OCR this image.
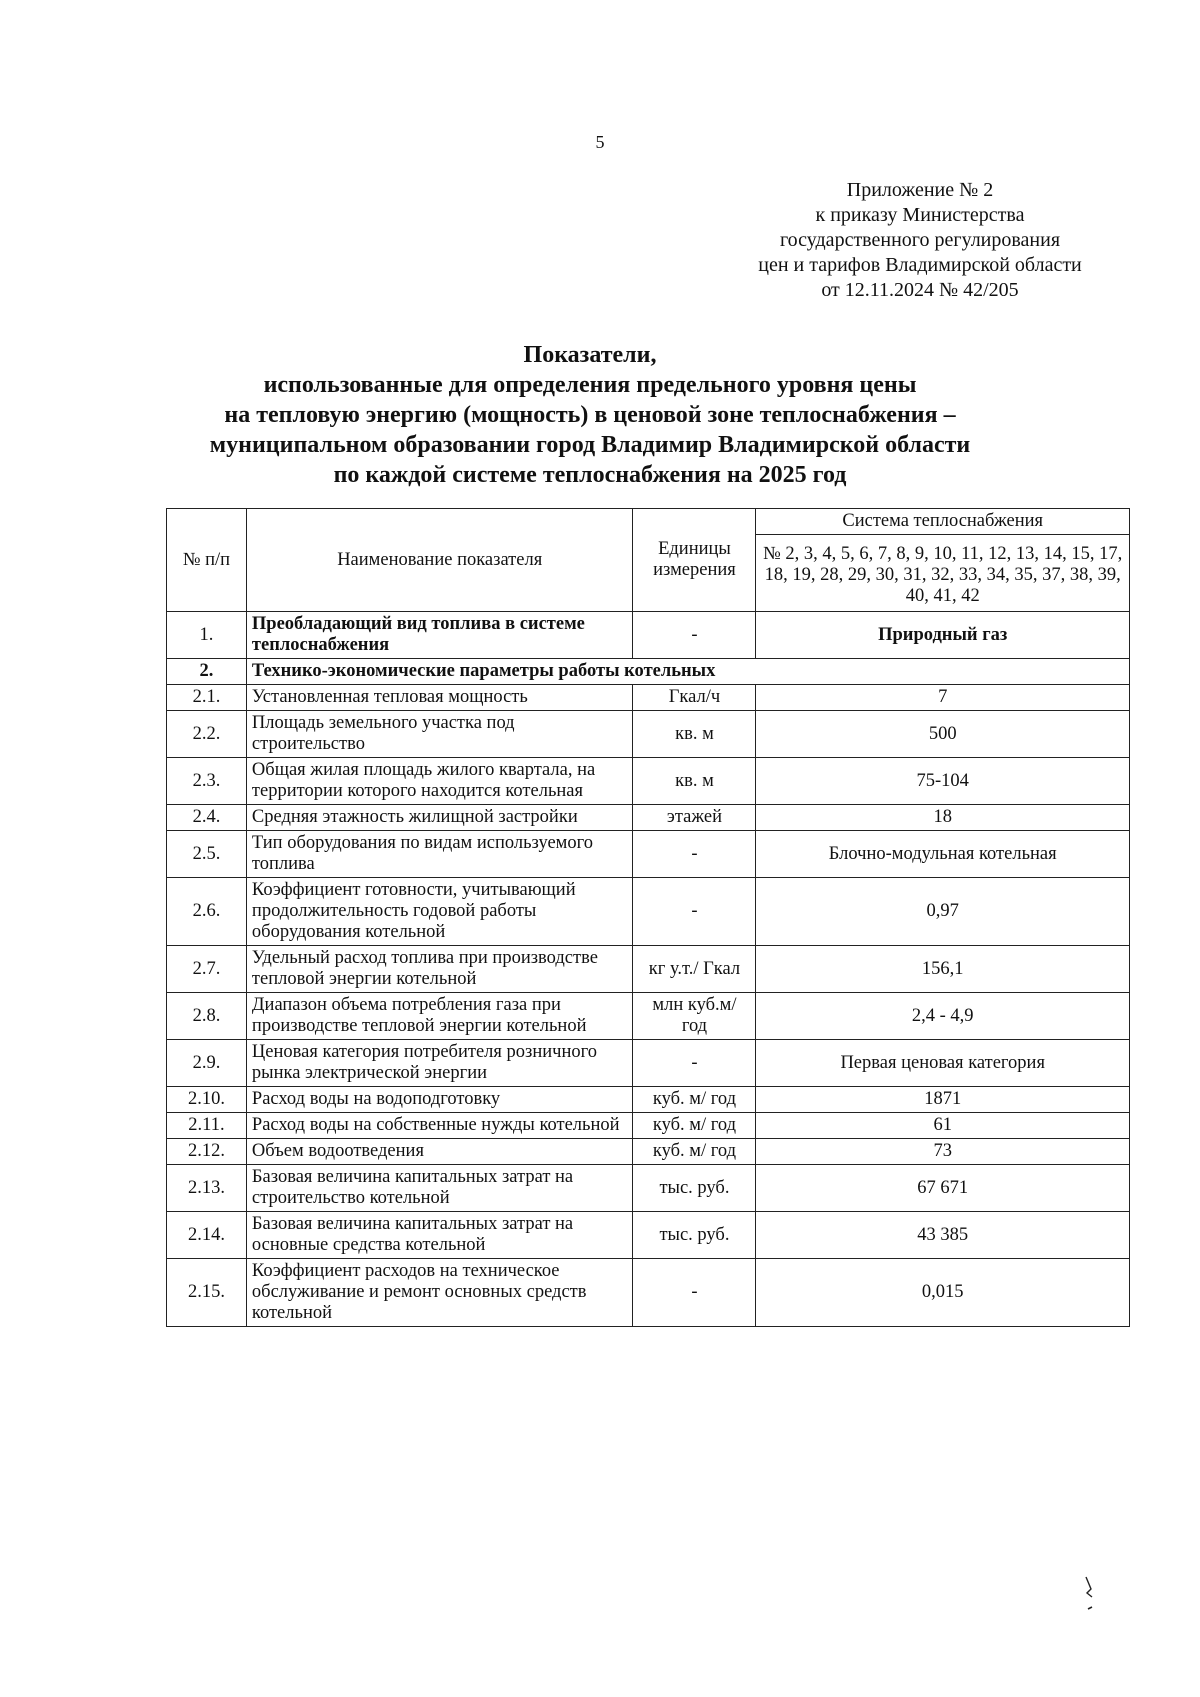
5
Приложение № 2
к приказу Министерства
государственного регулирования
цен и тарифов Владимирской области
от 12.11.2024 № 42/205
Показатели,
использованные для определения предельного уровня цены
на тепловую энергию (мощность) в ценовой зоне теплоснабжения –
муниципальном образовании город Владимир Владимирской области
по каждой системе теплоснабжения на 2025 год
№ п/п	Наименование показателя	Единицы измерения	Система теплоснабжения
			№ 2, 3, 4, 5, 6, 7, 8, 9, 10, 11, 12, 13, 14, 15, 17, 18, 19, 28, 29, 30, 31, 32, 33, 34, 35, 37, 38, 39, 40, 41, 42
1.	Преобладающий вид топлива в системе теплоснабжения	-	Природный газ
2.	Технико-экономические параметры работы котельных		
2.1.	Установленная тепловая мощность	Гкал/ч	7
2.2.	Площадь земельного участка под строительство	кв. м	500
2.3.	Общая жилая площадь жилого квартала, на территории которого находится котельная	кв. м	75-104
2.4.	Средняя этажность жилищной застройки	этажей	18
2.5.	Тип оборудования по видам используемого топлива	-	Блочно-модульная котельная
2.6.	Коэффициент готовности, учитывающий продолжительность годовой работы оборудования котельной	-	0,97
2.7.	Удельный расход топлива при производстве тепловой энергии котельной	кг у.т./ Гкал	156,1
2.8.	Диапазон объема потребления газа при производстве тепловой энергии котельной	млн куб.м/ год	2,4 - 4,9
2.9.	Ценовая категория потребителя розничного рынка электрической энергии	-	Первая ценовая категория
2.10.	Расход воды на водоподготовку	куб. м/ год	1871
2.11.	Расход воды на собственные нужды котельной	куб. м/ год	61
2.12.	Объем водоотведения	куб. м/ год	73
2.13.	Базовая величина капитальных затрат на строительство котельной	тыс. руб.	67 671
2.14.	Базовая величина капитальных затрат на основные средства котельной	тыс. руб.	43 385
2.15.	Коэффициент расходов на техническое обслуживание и ремонт основных средств котельной	-	0,015
